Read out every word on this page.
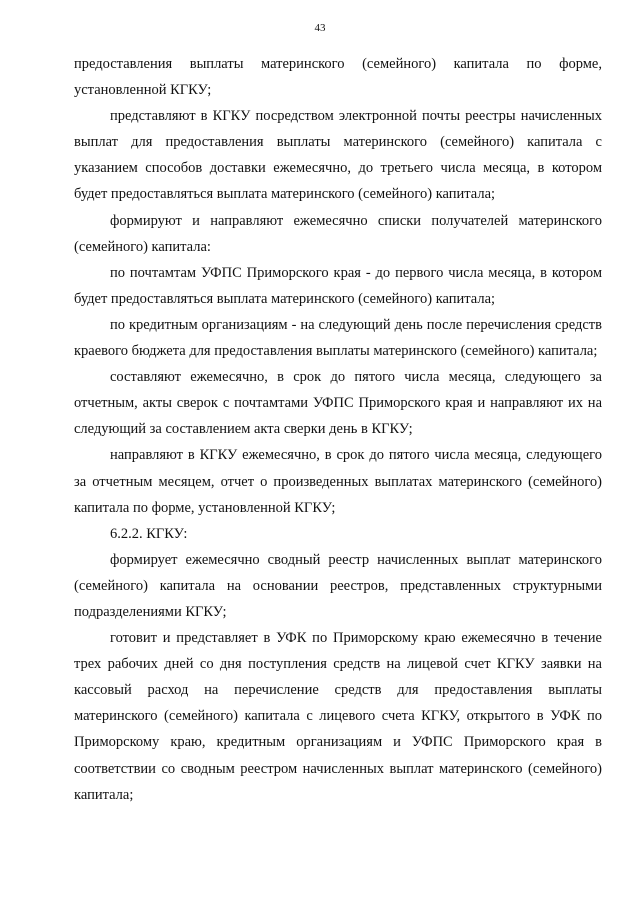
43

предоставления выплаты материнского (семейного) капитала по форме, установленной КГКУ;

представляют в КГКУ посредством электронной почты реестры начисленных выплат для предоставления выплаты материнского (семейного) капитала с указанием способов доставки ежемесячно, до третьего числа месяца, в котором будет предоставляться выплата материнского (семейного) капитала;

формируют и направляют ежемесячно списки получателей материнского (семейного) капитала:

по почтамтам УФПС Приморского края - до первого числа месяца, в котором будет предоставляться выплата материнского (семейного) капитала;

по кредитным организациям - на следующий день после перечисления средств краевого бюджета для предоставления выплаты материнского (семейного) капитала;

составляют ежемесячно, в срок до пятого числа месяца, следующего за отчетным, акты сверок с почтамтами УФПС Приморского края и направляют их на следующий за составлением акта сверки день в КГКУ;

направляют в КГКУ ежемесячно, в срок до пятого числа месяца, следующего за отчетным месяцем, отчет о произведенных выплатах материнского (семейного) капитала по форме, установленной КГКУ;

6.2.2. КГКУ:

формирует ежемесячно сводный реестр начисленных выплат материнского (семейного) капитала на основании реестров, представленных структурными подразделениями КГКУ;

готовит и представляет в УФК по Приморскому краю ежемесячно в течение трех рабочих дней со дня поступления средств на лицевой счет КГКУ заявки на кассовый расход на перечисление средств для предоставления выплаты материнского (семейного) капитала с лицевого счета КГКУ, открытого в УФК по Приморскому краю, кредитным организациям и УФПС Приморского края в соответствии со сводным реестром начисленных выплат материнского (семейного) капитала;
